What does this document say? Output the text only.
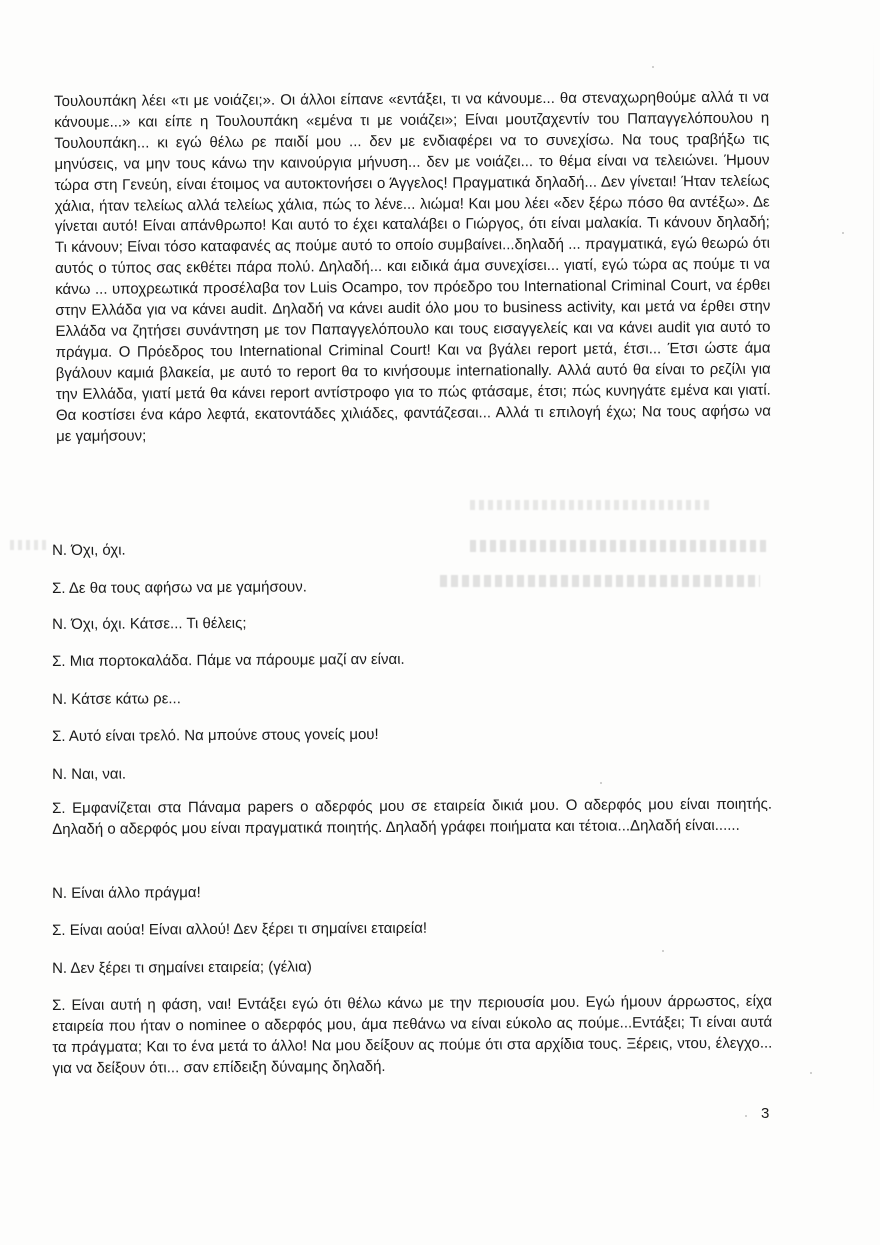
Τουλουπάκη λέει «τι με νοιάζει;». Οι άλλοι είπανε «εντάξει, τι να κάνουμε... θα στεναχωρηθούμε αλλά τι να κάνουμε...» και είπε η Τουλουπάκη «εμένα τι με νοιάζει»; Είναι μουτζαχεντίν του Παπαγγελόπουλου η Τουλουπάκη... κι εγώ θέλω ρε παιδί μου ... δεν με ενδιαφέρει να το συνεχίσω. Να τους τραβήξω τις μηνύσεις, να μην τους κάνω την καινούργια μήνυση... δεν με νοιάζει... το θέμα είναι να τελειώνει. Ήμουν τώρα στη Γενεύη, είναι έτοιμος να αυτοκτονήσει ο Άγγελος! Πραγματικά δηλαδή... Δεν γίνεται! Ήταν τελείως χάλια, ήταν τελείως αλλά τελείως χάλια, πώς το λένε... λιώμα! Και μου λέει «δεν ξέρω πόσο θα αντέξω». Δε γίνεται αυτό! Είναι απάνθρωπο! Και αυτό το έχει καταλάβει ο Γιώργος, ότι είναι μαλακία. Τι κάνουν δηλαδή; Τι κάνουν; Είναι τόσο καταφανές ας πούμε αυτό το οποίο συμβαίνει...δηλαδή ... πραγματικά, εγώ θεωρώ ότι αυτός ο τύπος σας εκθέτει πάρα πολύ. Δηλαδή... και ειδικά άμα συνεχίσει... γιατί, εγώ τώρα ας πούμε τι να κάνω ... υποχρεωτικά προσέλαβα τον Luis Ocampo, τον πρόεδρο του International Criminal Court, να έρθει στην Ελλάδα για να κάνει audit. Δηλαδή να κάνει audit όλο μου το business activity, και μετά να έρθει στην Ελλάδα να ζητήσει συνάντηση με τον Παπαγγελόπουλο και τους εισαγγελείς και να κάνει audit για αυτό το πράγμα. Ο Πρόεδρος του International Criminal Court! Και να βγάλει report μετά, έτσι... Έτσι ώστε άμα βγάλουν καμιά βλακεία, με αυτό το report θα το κινήσουμε internationally. Αλλά αυτό θα είναι το ρεζίλι για την Ελλάδα, γιατί μετά θα κάνει report αντίστροφο για το πώς φτάσαμε, έτσι; πώς κυνηγάτε εμένα και γιατί. Θα κοστίσει ένα κάρο λεφτά, εκατοντάδες χιλιάδες, φαντάζεσαι... Αλλά τι επιλογή έχω; Να τους αφήσω να με γαμήσουν;

Ν. Όχι, όχι.

Σ. Δε θα τους αφήσω να με γαμήσουν.

Ν. Όχι, όχι. Κάτσε... Τι θέλεις;

Σ. Μια πορτοκαλάδα. Πάμε να πάρουμε μαζί αν είναι.

Ν. Κάτσε κάτω ρε...

Σ. Αυτό είναι τρελό. Να μπούνε στους γονείς μου!

Ν. Ναι, ναι.

Σ. Εμφανίζεται στα Πάναμα papers ο αδερφός μου σε εταιρεία δικιά μου. Ο αδερφός μου είναι ποιητής. Δηλαδή ο αδερφός μου είναι πραγματικά ποιητής. Δηλαδή γράφει ποιήματα και τέτοια...Δηλαδή είναι......

Ν. Είναι άλλο πράγμα!

Σ. Είναι αούα! Είναι αλλού! Δεν ξέρει τι σημαίνει εταιρεία!

Ν. Δεν ξέρει τι σημαίνει εταιρεία; (γέλια)

Σ. Είναι αυτή η φάση, ναι! Εντάξει εγώ ότι θέλω κάνω με την περιουσία μου. Εγώ ήμουν άρρωστος, είχα εταιρεία που ήταν ο nominee ο αδερφός μου, άμα πεθάνω να είναι εύκολο ας πούμε...Εντάξει; Τι είναι αυτά τα πράγματα; Και το ένα μετά το άλλο! Να μου δείξουν ας πούμε ότι στα αρχίδια τους. Ξέρεις, ντου, έλεγχο... για να δείξουν ότι... σαν επίδειξη δύναμης δηλαδή.

3
